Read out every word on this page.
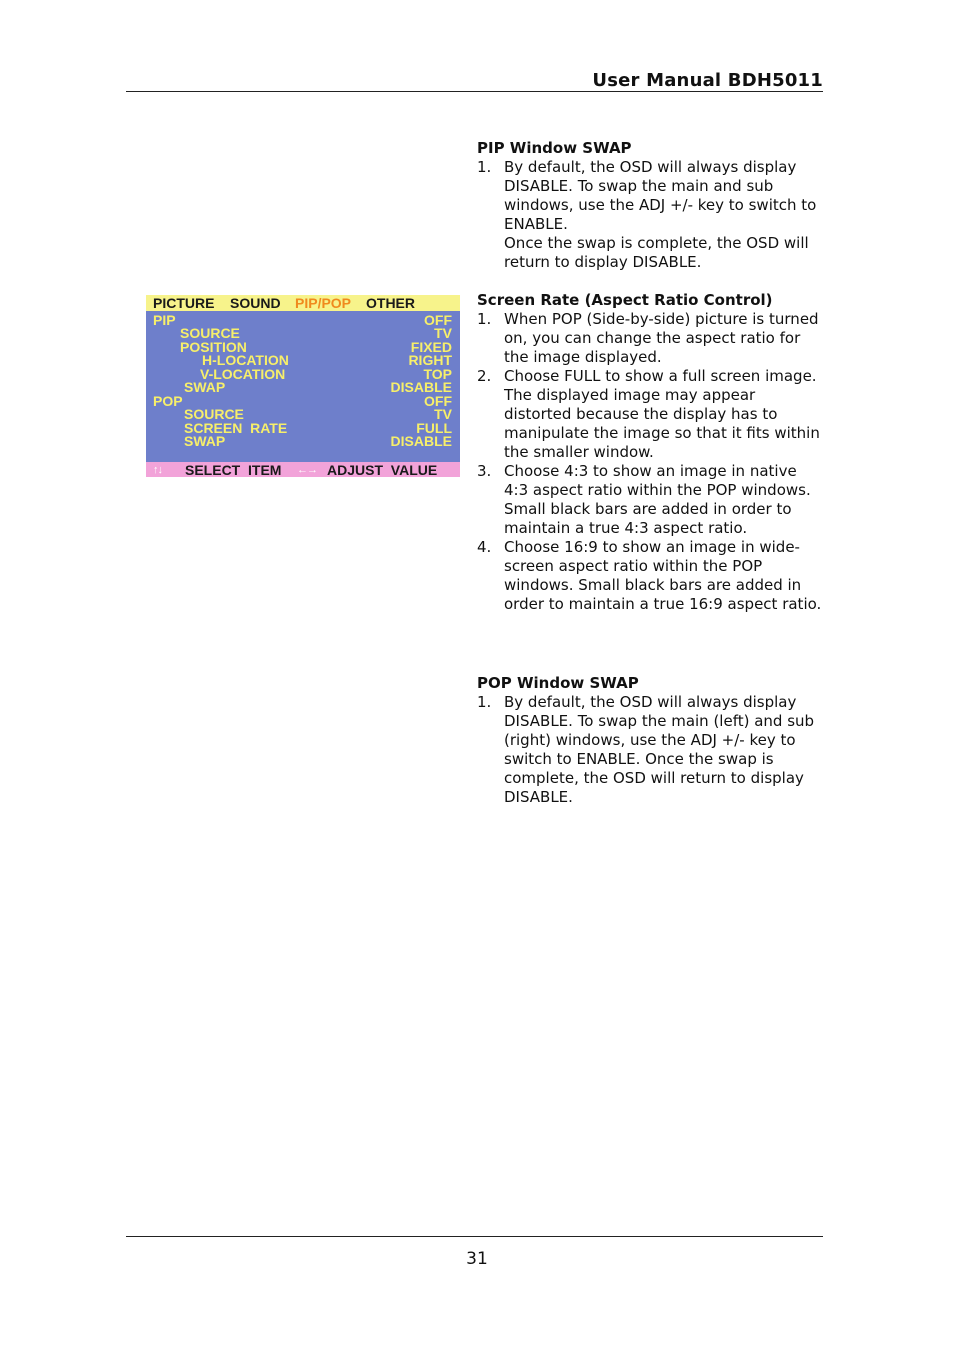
User Manual BDH5011
PICTURE SOUND PIP/POP OTHER
PIP	OFF
SOURCE	TV
POSITION	FIXED
H-LOCATION	RIGHT
V-LOCATION	TOP
SWAP	DISABLE
POP	OFF
SOURCE	TV
SCREEN  RATE	FULL
SWAP	DISABLE
↑↓ SELECT  ITEM ←→ ADJUST  VALUE
PIP Window SWAP
1. By default, the OSD will always display DISABLE. To swap the main and sub windows, use the ADJ +/- key to switch to ENABLE.

Once the swap is complete, the OSD will return to display DISABLE.

Screen Rate (Aspect Ratio Control)
1. When POP (Side-by-side) picture is turned on, you can change the aspect ratio for the image displayed.

2. Choose FULL to show a full screen image. The displayed image may appear distorted because the display has to manipulate the image so that it fits within the smaller window.

3. Choose 4:3 to show an image in native 4:3 aspect ratio within the POP windows. Small black bars are added in order to maintain a true 4:3 aspect ratio.

4. Choose 16:9 to show an image in wide-screen aspect ratio within the POP windows. Small black bars are added in order to maintain a true 16:9 aspect ratio.

POP Window SWAP
1. By default, the OSD will always display DISABLE. To swap the main (left) and sub (right) windows, use the ADJ +/- key to switch to ENABLE. Once the swap is complete, the OSD will return to display DISABLE.

31
